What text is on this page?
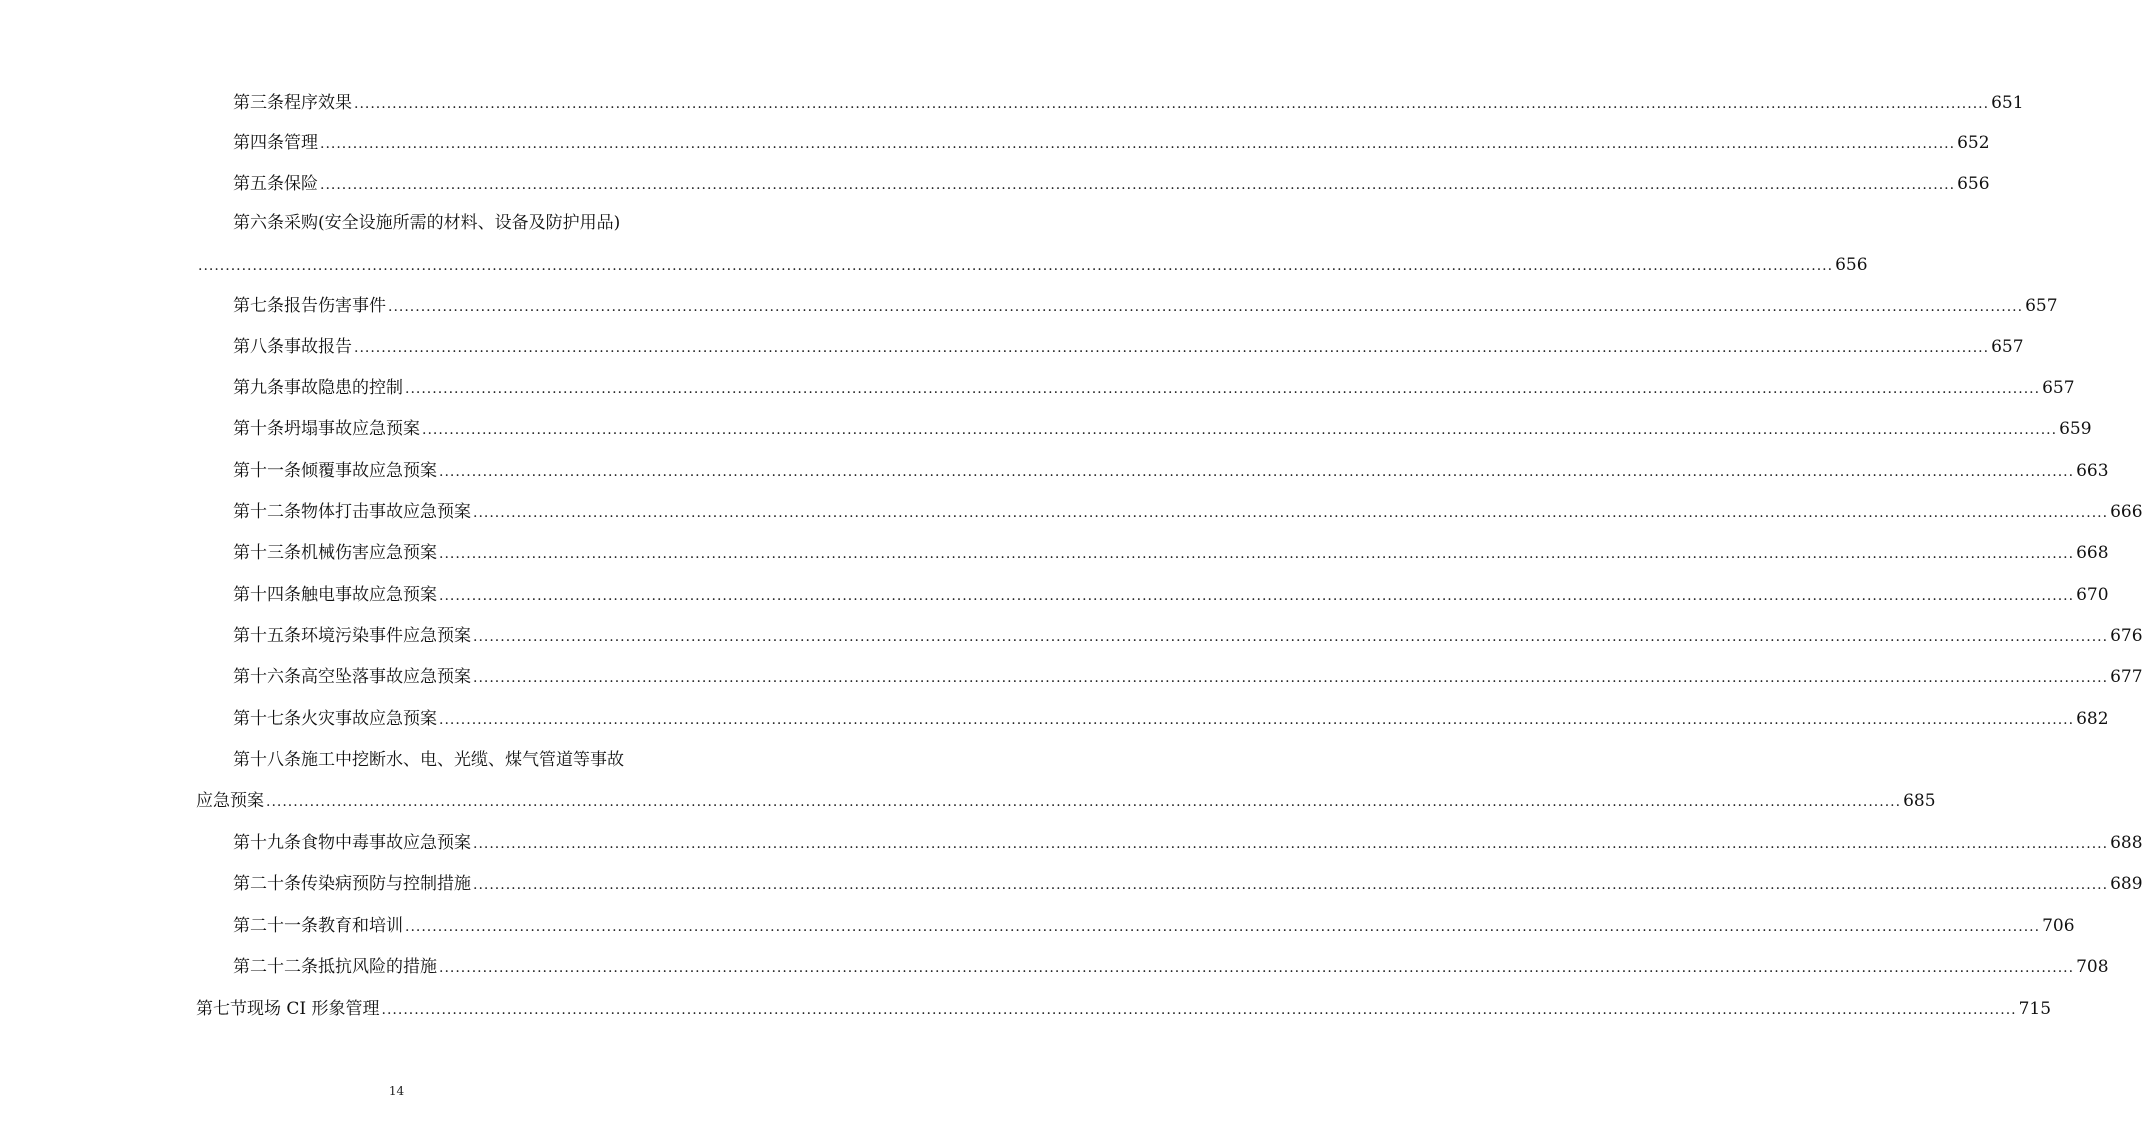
第三条程序效果 ............................................................................................................................................................................................................................................................................................................ 651
第四条管理 ............................................................................................................................................................................................................................................................................................................ 652
第五条保险 ............................................................................................................................................................................................................................................................................................................ 656
第六条采购(安全设施所需的材料、设备及防护用品)
............................................................................................................................................................................................................................................................................................................ 656
第七条报告伤害事件 ............................................................................................................................................................................................................................................................................................................ 657
第八条事故报告 ............................................................................................................................................................................................................................................................................................................ 657
第九条事故隐患的控制 ............................................................................................................................................................................................................................................................................................................ 657
第十条坍塌事故应急预案 ............................................................................................................................................................................................................................................................................................................ 659
第十一条倾覆事故应急预案 ............................................................................................................................................................................................................................................................................................................ 663
第十二条物体打击事故应急预案 ............................................................................................................................................................................................................................................................................................................ 666
第十三条机械伤害应急预案 ............................................................................................................................................................................................................................................................................................................ 668
第十四条触电事故应急预案 ............................................................................................................................................................................................................................................................................................................ 670
第十五条环境污染事件应急预案 ............................................................................................................................................................................................................................................................................................................ 676
第十六条高空坠落事故应急预案 ............................................................................................................................................................................................................................................................................................................ 677
第十七条火灾事故应急预案 ............................................................................................................................................................................................................................................................................................................ 682
第十八条施工中挖断水、电、光缆、煤气管道等事故
应急预案 ............................................................................................................................................................................................................................................................................................................ 685
第十九条食物中毒事故应急预案 ............................................................................................................................................................................................................................................................................................................ 688
第二十条传染病预防与控制措施 ............................................................................................................................................................................................................................................................................................................ 689
第二十一条教育和培训 ............................................................................................................................................................................................................................................................................................................ 706
第二十二条抵抗风险的措施 ............................................................................................................................................................................................................................................................................................................ 708
第七节现场 CI 形象管理 ............................................................................................................................................................................................................................................................................................................ 715
14
